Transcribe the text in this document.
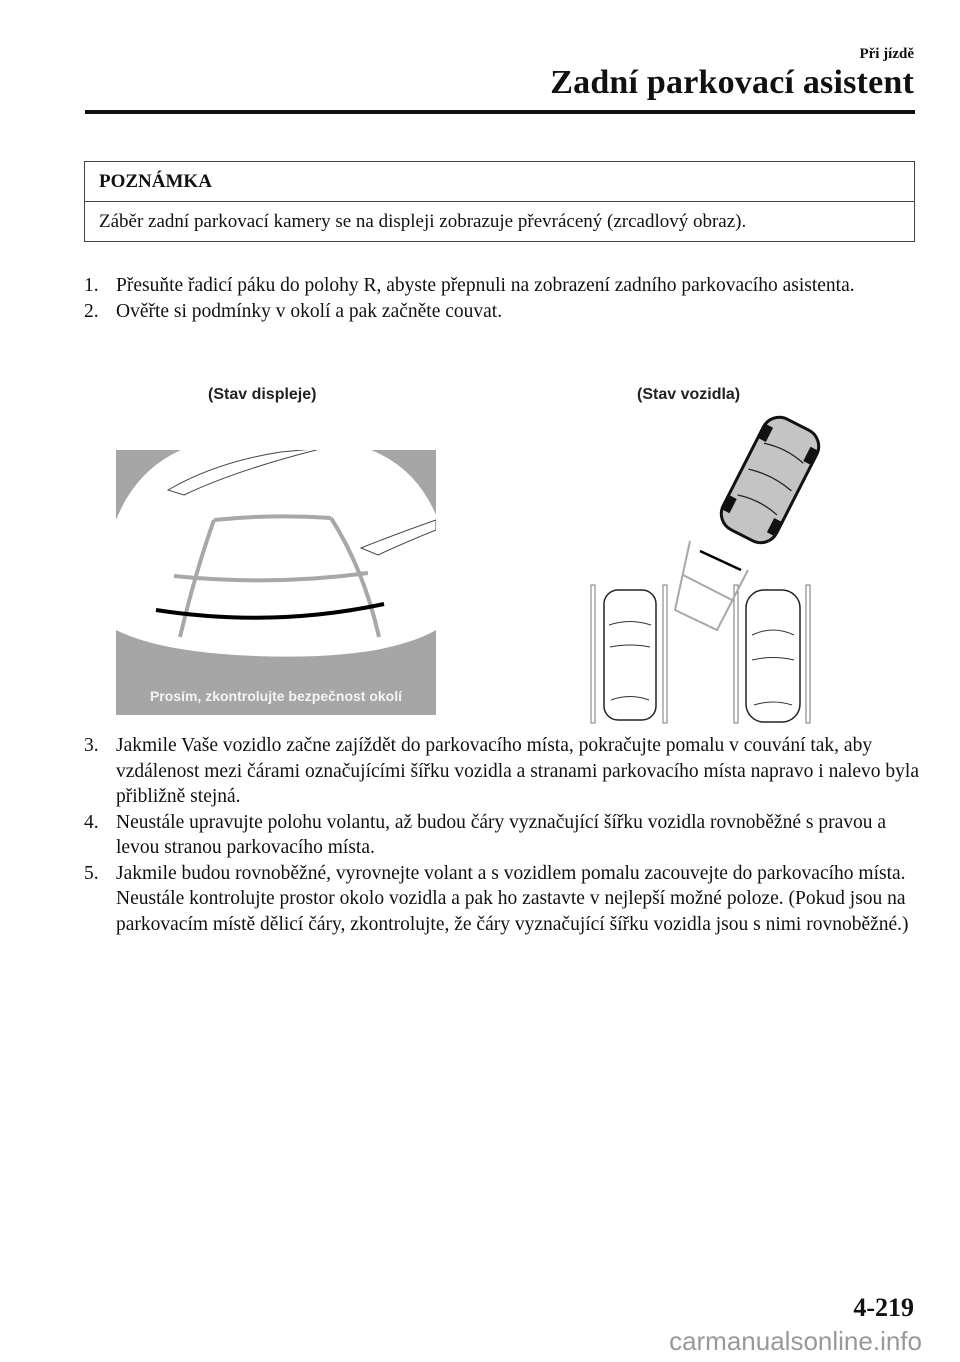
Při jízdě
Zadní parkovací asistent
POZNÁMKA
Záběr zadní parkovací kamery se na displeji zobrazuje převrácený (zrcadlový obraz).
1. Přesuňte řadicí páku do polohy R, abyste přepnuli na zobrazení zadního parkovacího asistenta.
2. Ověřte si podmínky v okolí a pak začněte couvat.
(Stav displeje)	(Stav vozidla)
Prosím, zkontrolujte bezpečnost okolí
3. Jakmile Vaše vozidlo začne zajíždět do parkovacího místa, pokračujte pomalu v couvání tak, aby vzdálenost mezi čárami označujícími šířku vozidla a stranami parkovacího místa napravo i nalevo byla přibližně stejná.
4. Neustále upravujte polohu volantu, až budou čáry vyznačující šířku vozidla rovnoběžné s pravou a levou stranou parkovacího místa.
5. Jakmile budou rovnoběžné, vyrovnejte volant a s vozidlem pomalu zacouvejte do parkovacího místa. Neustále kontrolujte prostor okolo vozidla a pak ho zastavte v nejlepší možné poloze. (Pokud jsou na parkovacím místě dělicí čáry, zkontrolujte, že čáry vyznačující šířku vozidla jsou s nimi rovnoběžné.)
4-219
carmanualsonline.info
